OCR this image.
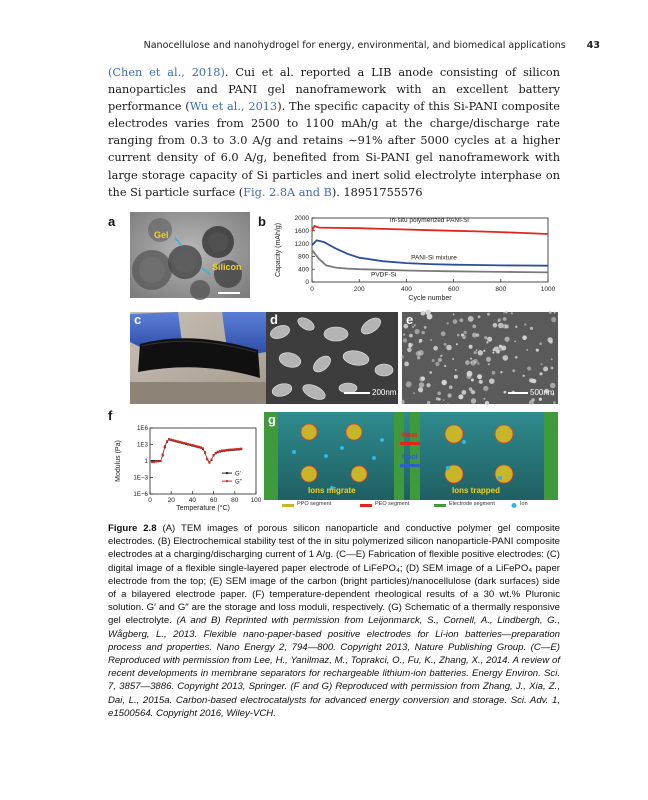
Nanocellulose and nanohydrogel for energy, environmental, and biomedical applications 43

(Chen et al., 2018). Cui et al. reported a LIB anode consisting of silicon nanoparticles and PANI gel nanoframework with an excellent battery performance (Wu et al., 2013). The specific capacity of this Si-PANI composite electrodes varies from 2500 to 1100 mAh/g at the charge/discharge rate ranging from 0.3 to 3.0 A/g and retains ∼91% after 5000 cycles at a higher current density of 6.0 A/g, benefited from Si-PANI gel nanoframework with large storage capacity of Si particles and inert solid electrolyte interphase on the Si particle surface (Fig. 2.8A and B). 18951755576

a
Gel
Silicon
b
0	200	400	600	800	1000
0
400
800
1200
1600
2000
Cycle number
Capacity (mAh/g)
In-situ polymerized PANI-Si
PANI-Si mixture
PVDF-Si
c	d
200nm
e
500nm
f
0 20 40 60 80 100
1E−6
1E−3
1
1E3
1E6
Temperature (°C)
Modulus (Pa)	G'
G''
g
Heat
Cool
Ions migrate	Ions trapped
PPO segment	PEO segment	Electrode segment	Ion

Figure 2.8 (A) TEM images of porous silicon nanoparticle and conductive polymer gel composite electrodes. (B) Electrochemical stability test of the in situ polymerized silicon nanoparticle-PANI composite electrodes at a charging/discharging current of 1 A/g. (C—E) Fabrication of flexible positive electrodes: (C) digital image of a flexible single-layered paper electrode of LiFePO₄; (D) SEM image of a LiFePO₄ paper electrode from the top; (E) SEM image of the carbon (bright particles)/nanocellulose (dark surfaces) side of a bilayered electrode paper. (F) temperature-dependent rheological results of a 30 wt.% Pluronic solution. G′ and G″ are the storage and loss moduli, respectively. (G) Schematic of a thermally responsive gel electrolyte. (A and B) Reprinted with permission from Leijonmarck, S., Cornell, A., Lindbergh, G., Wågberg, L., 2013. Flexible nano-paper-based positive electrodes for Li-ion batteries—preparation process and properties. Nano Energy 2, 794—800. Copyright 2013, Nature Publishing Group. (C—E) Reproduced with permission from Lee, H., Yanilmaz, M., Toprakci, O., Fu, K., Zhang, X., 2014. A review of recent developments in membrane separators for rechargeable lithium-ion batteries. Energy Environ. Sci. 7, 3857—3886. Copyright 2013, Springer. (F and G) Reproduced with permission from Zhang, J., Xia, Z., Dai, L., 2015a. Carbon-based electrocatalysts for advanced energy conversion and storage. Sci. Adv. 1, e1500564. Copyright 2016, Wiley-VCH.
